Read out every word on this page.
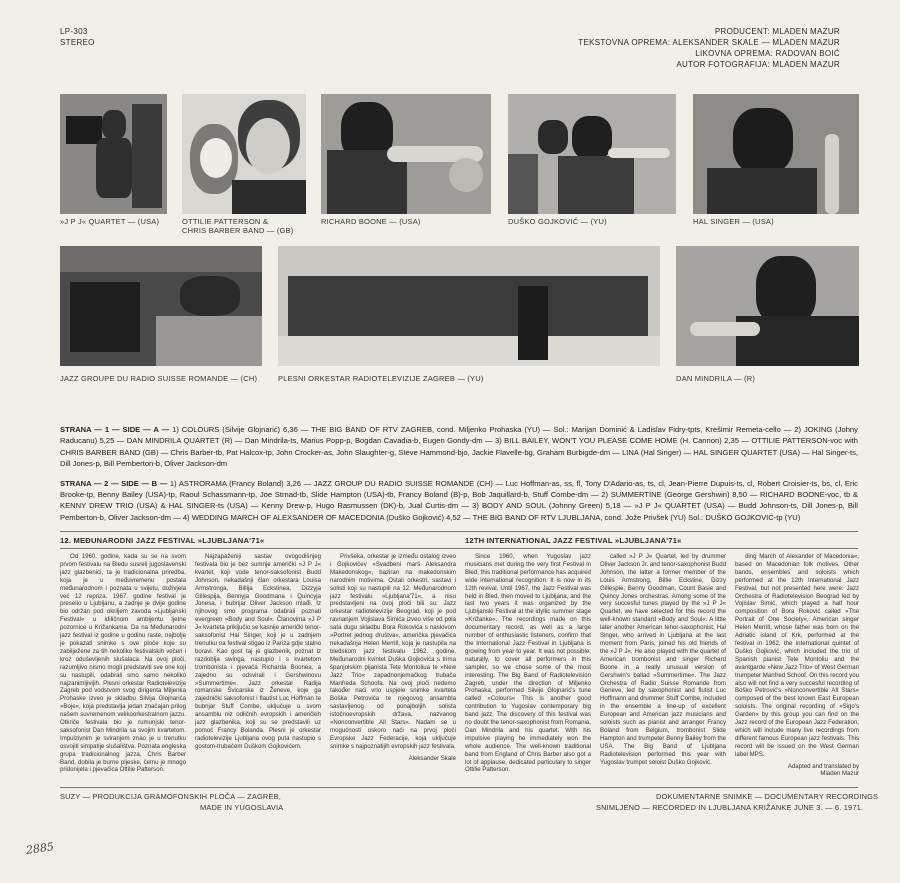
LP-303
STEREO
PRODUCENT: MLADEN MAZUR
TEKSTOVNA OPREMA: ALEKSANDER SKALE — MLADEN MAZUR
LIKOVNA OPREMA: RADOVAN BOIĆ
AUTOR FOTOGRAFIJA: MLADEN MAZUR
»J P J« QUARTET — (USA)	OTTILIE PATTERSON &
CHRIS BARBER BAND — (GB)
RICHARD BOONE — (USA)	DUŠKO GOJKOVIĆ — (YU)	HAL SINGER — (USA)
JAZZ GROUPE DU RADIO SUISSE ROMANDE — (CH)	PLESNI ORKESTAR RADIOTELEVIZIJE ZAGREB — (YU)	DAN MINDRILA — (R)

STRANA — 1 — SIDE — A — 1) COLOURS (Silvije Glojnarić) 6,36 — THE BIG BAND OF RTV ZAGREB, cond. Miljenko Prohaska (YU) — Sol.: Marijan Dominić & Ladislav Fidry-tpts, Krešimir Remeta-cello — 2) JOKING (Johny Raducanu) 5,25 — DAN MINDRILA QUARTET (R) — Dan Mindrila-ts, Marius Popp-p, Bogdan Cavadia-b, Eugen Gondy-dm — 3) BILL BAILEY, WON'T YOU PLEASE COME HOME (H. Cannon) 2,35 — OTTILIE PATTERSON-voc with CHRIS BARBER BAND (GB) — Chris Barber-tb, Pat Halcox-tp, John Crocker-as, John Slaughter-g, Steve Hammond-bjo, Jackie Flavelle-bg, Graham Burbigde-dm — LINA (Hal Singer) — HAL SINGER QUARTET (USA) — Hal Singer-ts, Dill Jones-p, Bill Pemberton-b, Oliver Jackson-dm

STRANA — 2 — SIDE — B — 1) ASTRORAMA (Francy Boland) 3,26 — JAZZ GROUP DU RADIO SUISSE ROMANDE (CH) — Luc Hoffman-as, ss, fl, Tony D'Adario-as, ts, cl, Jean-Pierre Dupuis-ts, cl, Robert Croisier-ts, bs, cl, Eric Brooke-tp, Benny Bailey (USA)-tp, Raoul Schassmann-tp, Joe Strnad-tb, Slide Hampton (USA)-tb, Francy Boland (B)-p, Bob Jaquillard-b, Stuff Combe-dm — 2) SUMMERTINE (George Gershwin) 8,50 — RICHARD BOONE-voc, tb & KENNY DREW TRIO (USA) & HAL SINGER-ts (USA) — Kenny Drew-p, Hugo Rasmussen (DK)-b, Jual Curtis-dm — 3) BODY AND SOUL (Johnny Green) 5,18 — »J P J« QUARTET (USA) — Budd Johnson-ts, Dill Jones-p, Bill Pemberton-b, Oliver Jackson-dm — 4) WEDDING MARCH OF ALEXSANDER OF MACEDONIA (Duško Gojković) 4,52 — THE BIG BAND OF RTV LJUBLJANA, cond. Jože Privšek (YU) Sol.: DUŠKO GOJKOVIĆ-tp (YU)

12. MEĐUNARODNI JAZZ FESTIVAL »LJUBLJANA'71«	12TH INTERNATIONAL JAZZ FESTIVAL »LJUBLJANA'71«

Od 1960. godine, kada su se na svom prvom festivalu na Bledu susreli jugoslavenski jazz glazbenici, ta je tradicionalna priredba, koja je u međuvremenu postala međunarodnom i poznata u svijetu, doživjela već 12 repriza. 1967. godine festival je preselio u Ljubljanu, a zadnje je dvije godine bio održan pod okriljem zavoda »Ljubljanski Festival« u idiličnom ambijentu ljetne pozornice u Križankama. Da na Međunarodni jazz festival iz godine u godinu raste, najbolje je pokazati snimke s ove ploče koje su zabilježene za tih nekoliko festivalskih večeri i kroz oduševljenih slušalaca. Na ovoj ploči, razumljivo nismo mogli predstaviti sve one koji su nastupili, odabrali smo samo nekoliko najzanimljivijih. Plesni orkestar Radiotelevizije Zagreb pod vodstvom svog dirigenta Miljenka Prohaske izveo je skladbu Silvija Glojnarića »Boje«, koja predstavlja jedan značajan prilog našem suvremenom velikoorkestralnom jazzu. Otkriće festivala bio je rumunjski tenor-saksofonist Dan Mindrila sa svojim kvartetom. Impulzivnim je sviranjem znao je u trenutku osvojiti simpatije slušalištva. Poznata engleska grupa tradicionalnog jazza, Chris Barber Band, dobila je burne pljeske, čemu je mnogo pridonijela i pjevačica Ottilie Patterson.

Najzapaženiji sastav ovogodišnjeg festivala bio je bez sumnje američki »J P J« kvartet, koji vode tenor-saksofonist Budd Johnson, nekadašnji član orkestara Louisa Armstronga, Billija Eckstinea, Dizzyja Gillespija, Bennyja Goodmana i Quincyja Jonesa, i bubnjar Oliver Jackson mlađi. Iz njihovog smo programa odabrali poznati evergreen »Body and Soul«. Članovima »J P J« kvarteta priključio se kasnije američki tenor-saksofonist Hal Singer, koji je u zadnjem trenutku na festival stigao iz Pariza gdje stalno boravi. Kao gost taj je glazbenik, poznat iz razdoblja swinga, nastupio i s kvartetom trombonista i pjevača Richarda Boonea, a zajedno su odsvirali i Gershwinovu »Summertime«. Jazz orkestar Radija romanske Švicarske iz Ženeve, koje ga zajednički saksofonist i flautist Luc Hoffman te bubnjar Stuff Combe, uključuje u svom ansamblu niz odličnih evropskih i američkih jazz glazbenika, koji su se predstavili uz pomoć Francy Bolanda. Plesni je orkestar radiotelevizije Ljubljana ovog puta nastupio s gostom-trubačem Duškom Gojkovićem.

Privšeka, orkestar je između ostalog izveo i Gojkovićev »Svadbeni marš Aleksandra Makedonskog«, baziran na makedonskim narodnim motivima. Ostali orkestri, sastavi i solisti koji su nastupili na 12. Međunarodnom jazz festivalu »Ljubljana'71«, a nisu predstavljeni na ovoj ploči bili su: Jazz orkestar radiotelevizije Beograd, koji je pod ravnanjem Vojislava Simića izveo više od pola sata dugu skladbu Bora Rokovića s naslovom »Portret jednog društva«, američka pjevačica nekadašnja Helen Merrill, koja je nastupila na bledskom jazz festivalu 1962. godine, Međunarodni kvintet Duška Gojkovića s trima španjolskim pijanista Tete Montoliua te »New Jazz Trio« zapadnonjemačkog trubača Manfreda Schoofa. Na ovoj ploči nedemo također naći vrlo uspjele snimke kvarteta Boška Petrovića te njegovog ansambla sastavljenog od ponajboljih solista istočnoevropskih država, nazvanog »Nonconvertible All Stars«. Nadam se u mogućnosti uskoro naći na prvoj ploči Evropske Jazz Federacije, koja uključuje snimke s najpoznatijih evropskih jazz festivala.

Aleksander Skale

Since 1960, when Yugoslav jazz musicians met during the very first Festival in Bled, this traditional performance has acquired wide international recognition. It is now in its 12th revival. Until 1967, the Jazz Festival was held in Bled, then moved to Ljubljana, and the last two years it was organized by the Ljubljanski Festival at the idyllic summer stage »Križanke«. The recordings made on this documentary record, as well as a large number of enthusiastic listeners, confirm that the International Jazz Festival in Ljubljana is growing from year to year. It was not possible, naturally, to cover all performers in this sampler, so we chose some of the most interesting. The Big Band of Radiotelevision Zagreb, under the direction of Miljenko Prohaska, performed Silvije Glojnarić's tune called »Colours« This is another good contribution to Yugoslav contemporary big band jazz. The discovery of this festival was no doubt the tenor-saxophonist from Romania, Dan Mindrila and his quartet. With his impulsive playing he immediately won the whole audience. The well-known traditional band from England of Chris Barber also got a lot of applause, dedicated particulary to singer Ottilie Patterson.

called »J P J« Quartet, led by drummer Oliver Jackson Jr. and tenor-saxophonist Budd Johnson, the latter a former member of the Louis Armstrong, Billie Eckstine, Dizzy Gillespie, Benny Goodman, Count Basie and Quincy Jones orchestras. Among some of the very succesful tunes played by the »J P J« Quartet, we have selected for this record the well-known standard »Body and Soul«. A little later another American tenor-saxophonist, Hal Singer, who arrived in Ljubljana at the last moment from Paris, joined his old friends of the »J P J«. He also played with the quartet of American trombonist and singer Richard Boone in a really unusual version of Gershwin's ballad »Summertime«. The Jazz Orchestra of Radio Suisse Romande from Geneve, led by saxophonist and flutist Luc Hoffmann and drummer Stuff Combe, included in the ensemble a line-up of excellent European and American jazz musicians and soloists such as pianist and arranger Francy Boland from Belgium, trombonist Slide Hampton and trumpeter Benny Bailey from the USA. The Big Band of Ljubljana Radiotelevision performed this year with Yugoslav trumpet soloist Duško Gojković.

ding March of Alexander of Macedonia«, based on Macedonian folk motives. Other bands, ensembles and soloists which performed at the 12th International Jazz Festival, but not presented here were: Jazz Orchestra of Radiotelevision Beograd led by Vojislav Simić, which played a half hour composition of Bora Roković called »The Portrait of One Society«, American singer Helen Merrill, whose father was born on the Adriatic island of Krk, performed at the festival in 1962, the international quintet of Duško Gojković, which included the trio of Spanish pianist Tete Montoliu and the avantgarde »New Jazz Trio« of West German trumpeter Manfred Schoof. On this record you also will not find a very succesful recording of Boško Petrović's »Nonconvertible All Stars« composed of the best known East European soloists. The original recording of »Sigo's Garden« by this group you can find on the Jazz record of the European Jazz Federation, which will include many live recordings from different famous European jazz festivals. This record will be issued on the West German label MPS.

Adapted and translated by
Mladen Mazur
SUZY — PRODUKCIJA GRAMOFONSKIH PLOČA — ZAGREB,
MADE IN YUGOSLAVIA
DOKUMENTARNE SNIMKE — DOCUMENTARY RECORDINGS
SNIMLJENO — RECORDED IN LJUBLJANA KRIŽANKE JUNE 3. — 6. 1971.
2885
